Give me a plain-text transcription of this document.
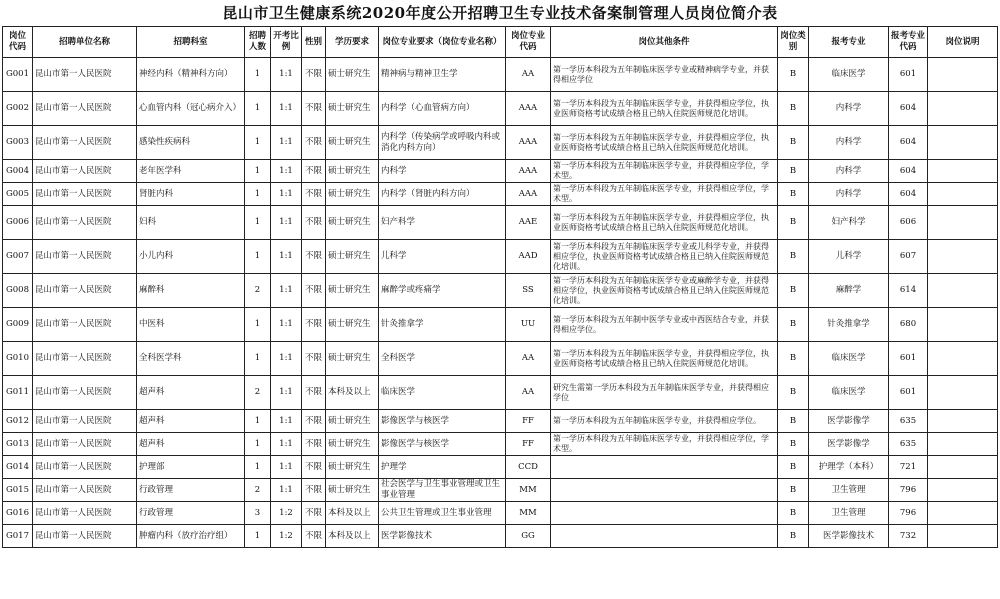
昆山市卫生健康系统2020年度公开招聘卫生专业技术备案制管理人员岗位简介表
岗位代码	招聘单位名称	招聘科室	招聘人数	开考比例	性别	学历要求	岗位专业要求（岗位专业名称）	岗位专业代码	岗位其他条件	岗位类别	报考专业	报考专业代码	岗位说明
G001	昆山市第一人民医院	神经内科（精神科方向）	1	1:1	不限	硕士研究生	精神病与精神卫生学	AA	第一学历本科段为五年制临床医学专业或精神病学专业，并获得相应学位	B	临床医学	601	
G002	昆山市第一人民医院	心血管内科（冠心病介入）	1	1:1	不限	硕士研究生	内科学（心血管病方向）	AAA	第一学历本科段为五年制临床医学专业，并获得相应学位，执业医师资格考试成绩合格且已纳入住院医师规范化培训。	B	内科学	604	
G003	昆山市第一人民医院	感染性疾病科	1	1:1	不限	硕士研究生	内科学（传染病学或呼吸内科或消化内科方向）	AAA	第一学历本科段为五年制临床医学专业，并获得相应学位，执业医师资格考试成绩合格且已纳入住院医师规范化培训。	B	内科学	604	
G004	昆山市第一人民医院	老年医学科	1	1:1	不限	硕士研究生	内科学	AAA	第一学历本科段为五年制临床医学专业，并获得相应学位，学术型。	B	内科学	604	
G005	昆山市第一人民医院	肾脏内科	1	1:1	不限	硕士研究生	内科学（肾脏内科方向）	AAA	第一学历本科段为五年制临床医学专业，并获得相应学位，学术型。	B	内科学	604	
G006	昆山市第一人民医院	妇科	1	1:1	不限	硕士研究生	妇产科学	AAE	第一学历本科段为五年制临床医学专业，并获得相应学位，执业医师资格考试成绩合格且已纳入住院医师规范化培训。	B	妇产科学	606	
G007	昆山市第一人民医院	小儿内科	1	1:1	不限	硕士研究生	儿科学	AAD	第一学历本科段为五年制临床医学专业或儿科学专业，并获得相应学位，执业医师资格考试成绩合格且已纳入住院医师规范化培训。	B	儿科学	607	
G008	昆山市第一人民医院	麻醉科	2	1:1	不限	硕士研究生	麻醉学或疼痛学	SS	第一学历本科段为五年制临床医学专业或麻醉学专业，并获得相应学位，执业医师资格考试成绩合格且已纳入住院医师规范化培训。	B	麻醉学	614	
G009	昆山市第一人民医院	中医科	1	1:1	不限	硕士研究生	针灸推拿学	UU	第一学历本科段为五年制中医学专业或中西医结合专业，并获得相应学位。	B	针灸推拿学	680	
G010	昆山市第一人民医院	全科医学科	1	1:1	不限	硕士研究生	全科医学	AA	第一学历本科段为五年制临床医学专业，并获得相应学位，执业医师资格考试成绩合格且已纳入住院医师规范化培训。	B	临床医学	601	
G011	昆山市第一人民医院	超声科	2	1:1	不限	本科及以上	临床医学	AA	研究生需第一学历本科段为五年制临床医学专业，并获得相应学位	B	临床医学	601	
G012	昆山市第一人民医院	超声科	1	1:1	不限	硕士研究生	影像医学与核医学	FF	第一学历本科段为五年制临床医学专业，并获得相应学位。	B	医学影像学	635	
G013	昆山市第一人民医院	超声科	1	1:1	不限	硕士研究生	影像医学与核医学	FF	第一学历本科段为五年制临床医学专业，并获得相应学位，学术型。	B	医学影像学	635	
G014	昆山市第一人民医院	护理部	1	1:1	不限	硕士研究生	护理学	CCD		B	护理学（本科）	721	
G015	昆山市第一人民医院	行政管理	2	1:1	不限	硕士研究生	社会医学与卫生事业管理或卫生事业管理	MM		B	卫生管理	796	
G016	昆山市第一人民医院	行政管理	3	1:2	不限	本科及以上	公共卫生管理或卫生事业管理	MM		B	卫生管理	796	
G017	昆山市第一人民医院	肿瘤内科（放疗治疗组）	1	1:2	不限	本科及以上	医学影像技术	GG		B	医学影像技术	732	
